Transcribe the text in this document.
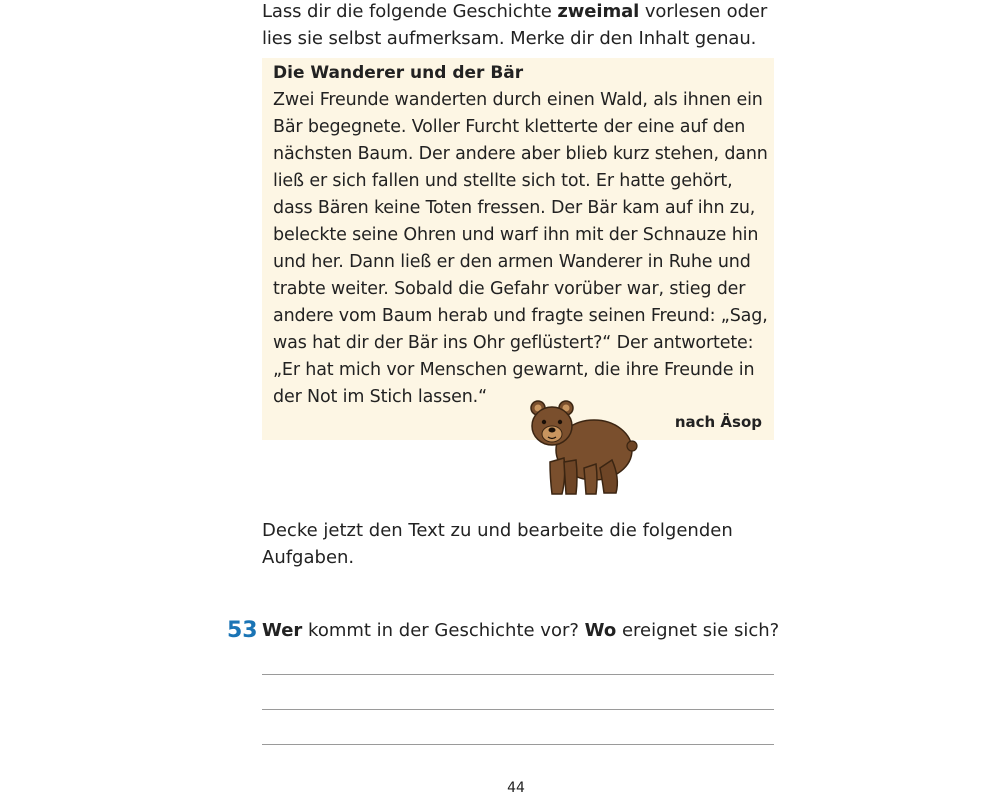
Lass dir die folgende Geschichte zweimal vorlesen oder
lies sie selbst aufmerksam. Merke dir den Inhalt genau.
Die Wanderer und der Bär
Zwei Freunde wanderten durch einen Wald, als ihnen ein
Bär begegnete. Voller Furcht kletterte der eine auf den
nächsten Baum. Der andere aber blieb kurz stehen, dann
ließ er sich fallen und stellte sich tot. Er hatte gehört,
dass Bären keine Toten fressen. Der Bär kam auf ihn zu,
beleckte seine Ohren und warf ihn mit der Schnauze hin
und her. Dann ließ er den armen Wanderer in Ruhe und
trabte weiter. Sobald die Gefahr vorüber war, stieg der
andere vom Baum herab und fragte seinen Freund: „Sag,
was hat dir der Bär ins Ohr geflüstert?“ Der antwortete:
„Er hat mich vor Menschen gewarnt, die ihre Freunde in
der Not im Stich lassen.“
nach Äsop
Decke jetzt den Text zu und bearbeite die folgenden
Aufgaben.
53 Wer kommt in der Geschichte vor? Wo ereignet sie sich?
44
